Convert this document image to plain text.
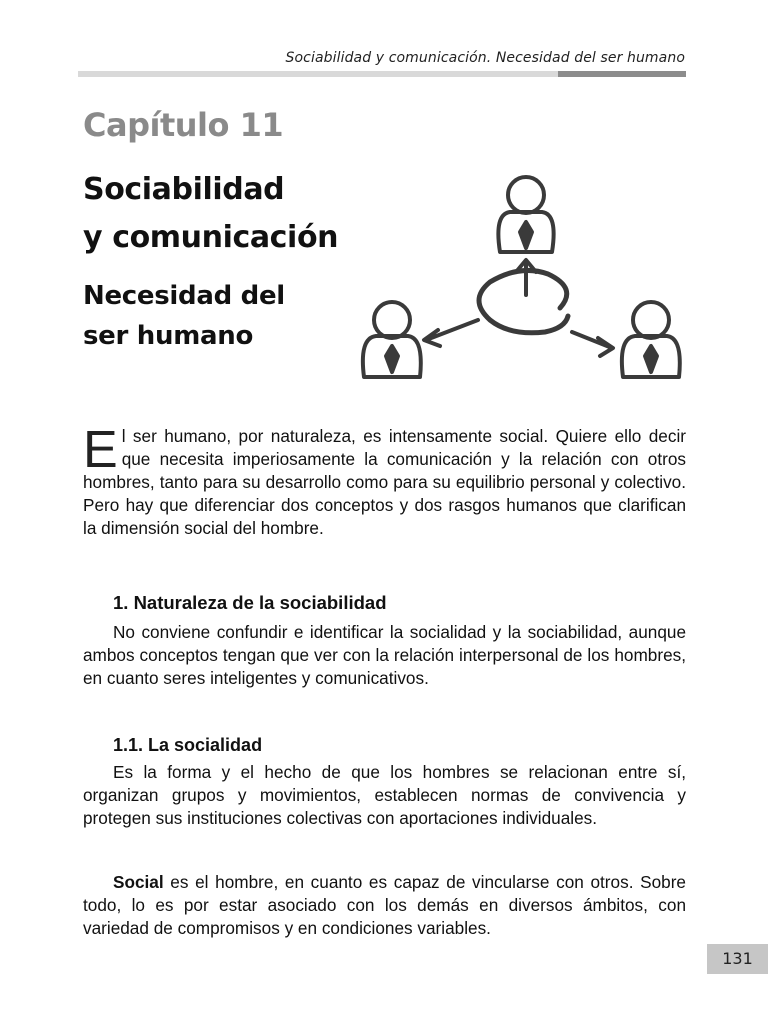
Sociabilidad y comunicación. Necesidad del ser humano
Capítulo 11
Sociabilidad
y comunicación
Necesidad del
ser humano
El ser humano, por naturaleza, es intensamente social. Quiere ello decir que necesita imperiosamente la comunicación y la relación con otros hombres, tanto para su desarrollo como para su equilibrio personal y colectivo. Pero hay que diferenciar dos conceptos y dos rasgos humanos que clarifican la dimensión social del hombre.
1. Naturaleza de la sociabilidad
No conviene confundir e identificar la socialidad y la sociabilidad, aunque ambos conceptos tengan que ver con la relación interpersonal de los hombres, en cuanto seres inteligentes y comunicativos.
1.1. La socialidad
Es la forma y el hecho de que los hombres se relacionan entre sí, organizan grupos y movimientos, establecen normas de convivencia y protegen sus instituciones colectivas con aportaciones individuales.
Social es el hombre, en cuanto es capaz de vincularse con otros. Sobre todo, lo es por estar asociado con los demás en diversos ámbitos, con variedad de compromisos y en condiciones variables.
131
